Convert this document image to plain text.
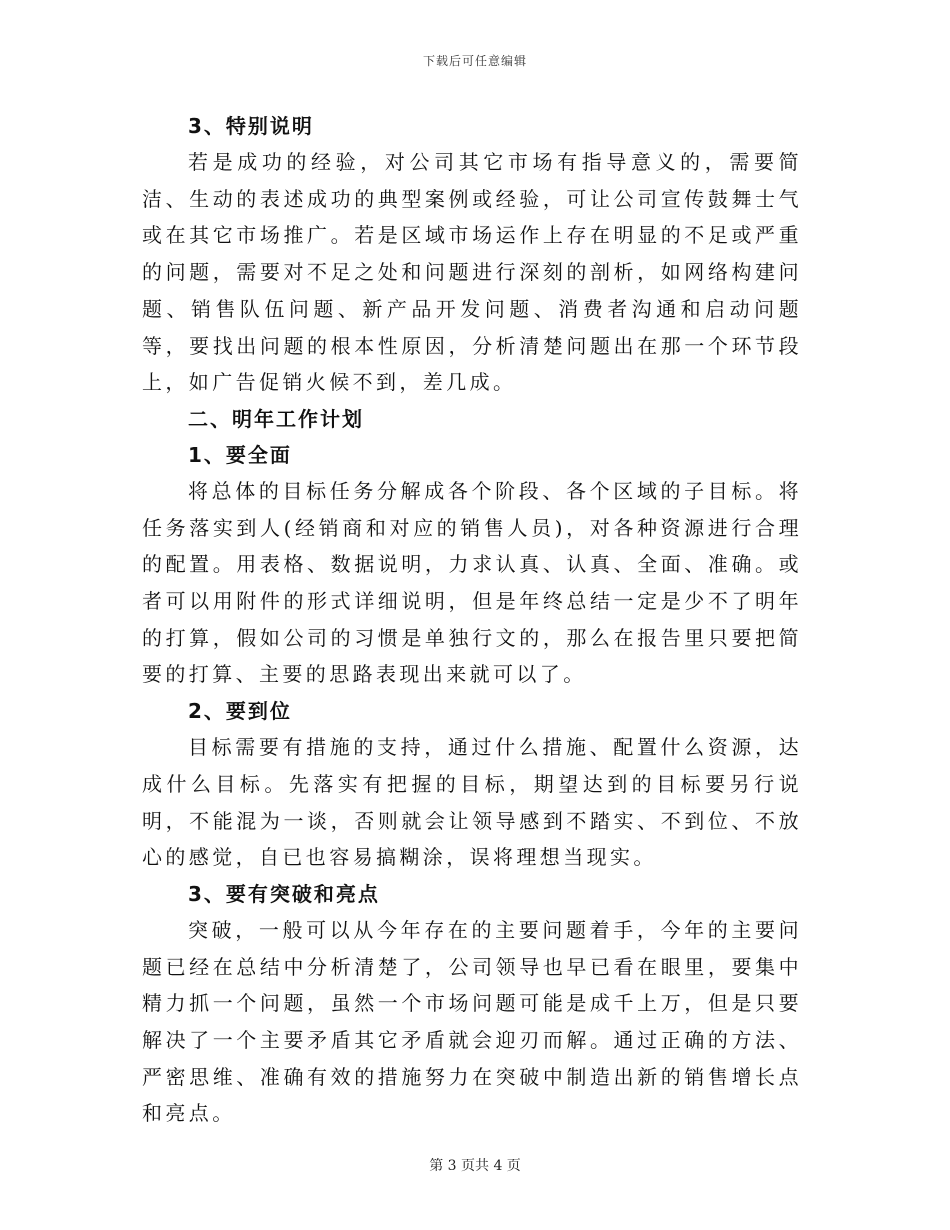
下载后可任意编辑

3、特别说明

若是成功的经验，对公司其它市场有指导意义的，需要简洁、生动的表述成功的典型案例或经验，可让公司宣传鼓舞士气或在其它市场推广。若是区域市场运作上存在明显的不足或严重的问题，需要对不足之处和问题进行深刻的剖析，如网络构建问题、销售队伍问题、新产品开发问题、消费者沟通和启动问题等，要找出问题的根本性原因，分析清楚问题出在那一个环节段上，如广告促销火候不到，差几成。

二、明年工作计划

1、要全面

将总体的目标任务分解成各个阶段、各个区域的子目标。将任务落实到人(经销商和对应的销售人员)，对各种资源进行合理的配置。用表格、数据说明，力求认真、认真、全面、准确。或者可以用附件的形式详细说明，但是年终总结一定是少不了明年的打算，假如公司的习惯是单独行文的，那么在报告里只要把简要的打算、主要的思路表现出来就可以了。

2、要到位

目标需要有措施的支持，通过什么措施、配置什么资源，达成什么目标。先落实有把握的目标，期望达到的目标要另行说明，不能混为一谈，否则就会让领导感到不踏实、不到位、不放心的感觉，自已也容易搞糊涂，误将理想当现实。

3、要有突破和亮点

突破，一般可以从今年存在的主要问题着手，今年的主要问题已经在总结中分析清楚了，公司领导也早已看在眼里，要集中精力抓一个问题，虽然一个市场问题可能是成千上万，但是只要解决了一个主要矛盾其它矛盾就会迎刃而解。通过正确的方法、严密思维、准确有效的措施努力在突破中制造出新的销售增长点和亮点。

第 3 页共 4 页
